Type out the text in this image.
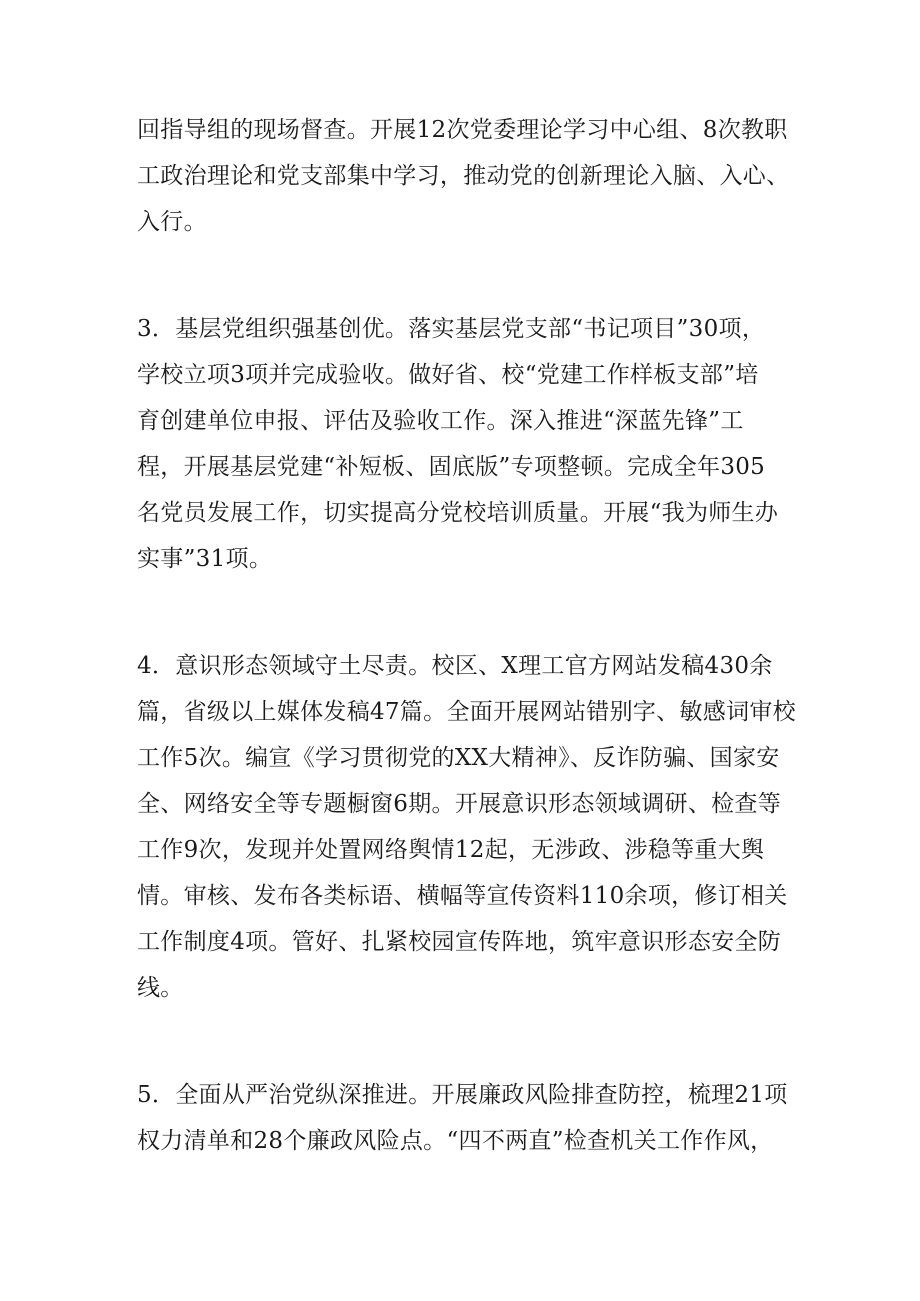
回指导组的现场督查。开展12次党委理论学习中心组、8次教职

工政治理论和党支部集中学习，推动党的创新理论入脑、入心、

入行。

3．基层党组织强基创优。落实基层党支部“书记项目”30项，

学校立项3项并完成验收。做好省、校“党建工作样板支部”培

育创建单位申报、评估及验收工作。深入推进“深蓝先锋”工

程，开展基层党建“补短板、固底版”专项整顿。完成全年305

名党员发展工作，切实提高分党校培训质量。开展“我为师生办

实事”31项。

4．意识形态领域守土尽责。校区、X理工官方网站发稿430余

篇，省级以上媒体发稿47篇。全面开展网站错别字、敏感词审校

工作5次。编宣《学习贯彻党的XX大精神》、反诈防骗、国家安

全、网络安全等专题橱窗6期。开展意识形态领域调研、检查等

工作9次，发现并处置网络舆情12起，无涉政、涉稳等重大舆

情。审核、发布各类标语、横幅等宣传资料110余项，修订相关

工作制度4项。管好、扎紧校园宣传阵地，筑牢意识形态安全防

线。

5．全面从严治党纵深推进。开展廉政风险排查防控，梳理21项

权力清单和28个廉政风险点。“四不两直”检查机关工作作风，
